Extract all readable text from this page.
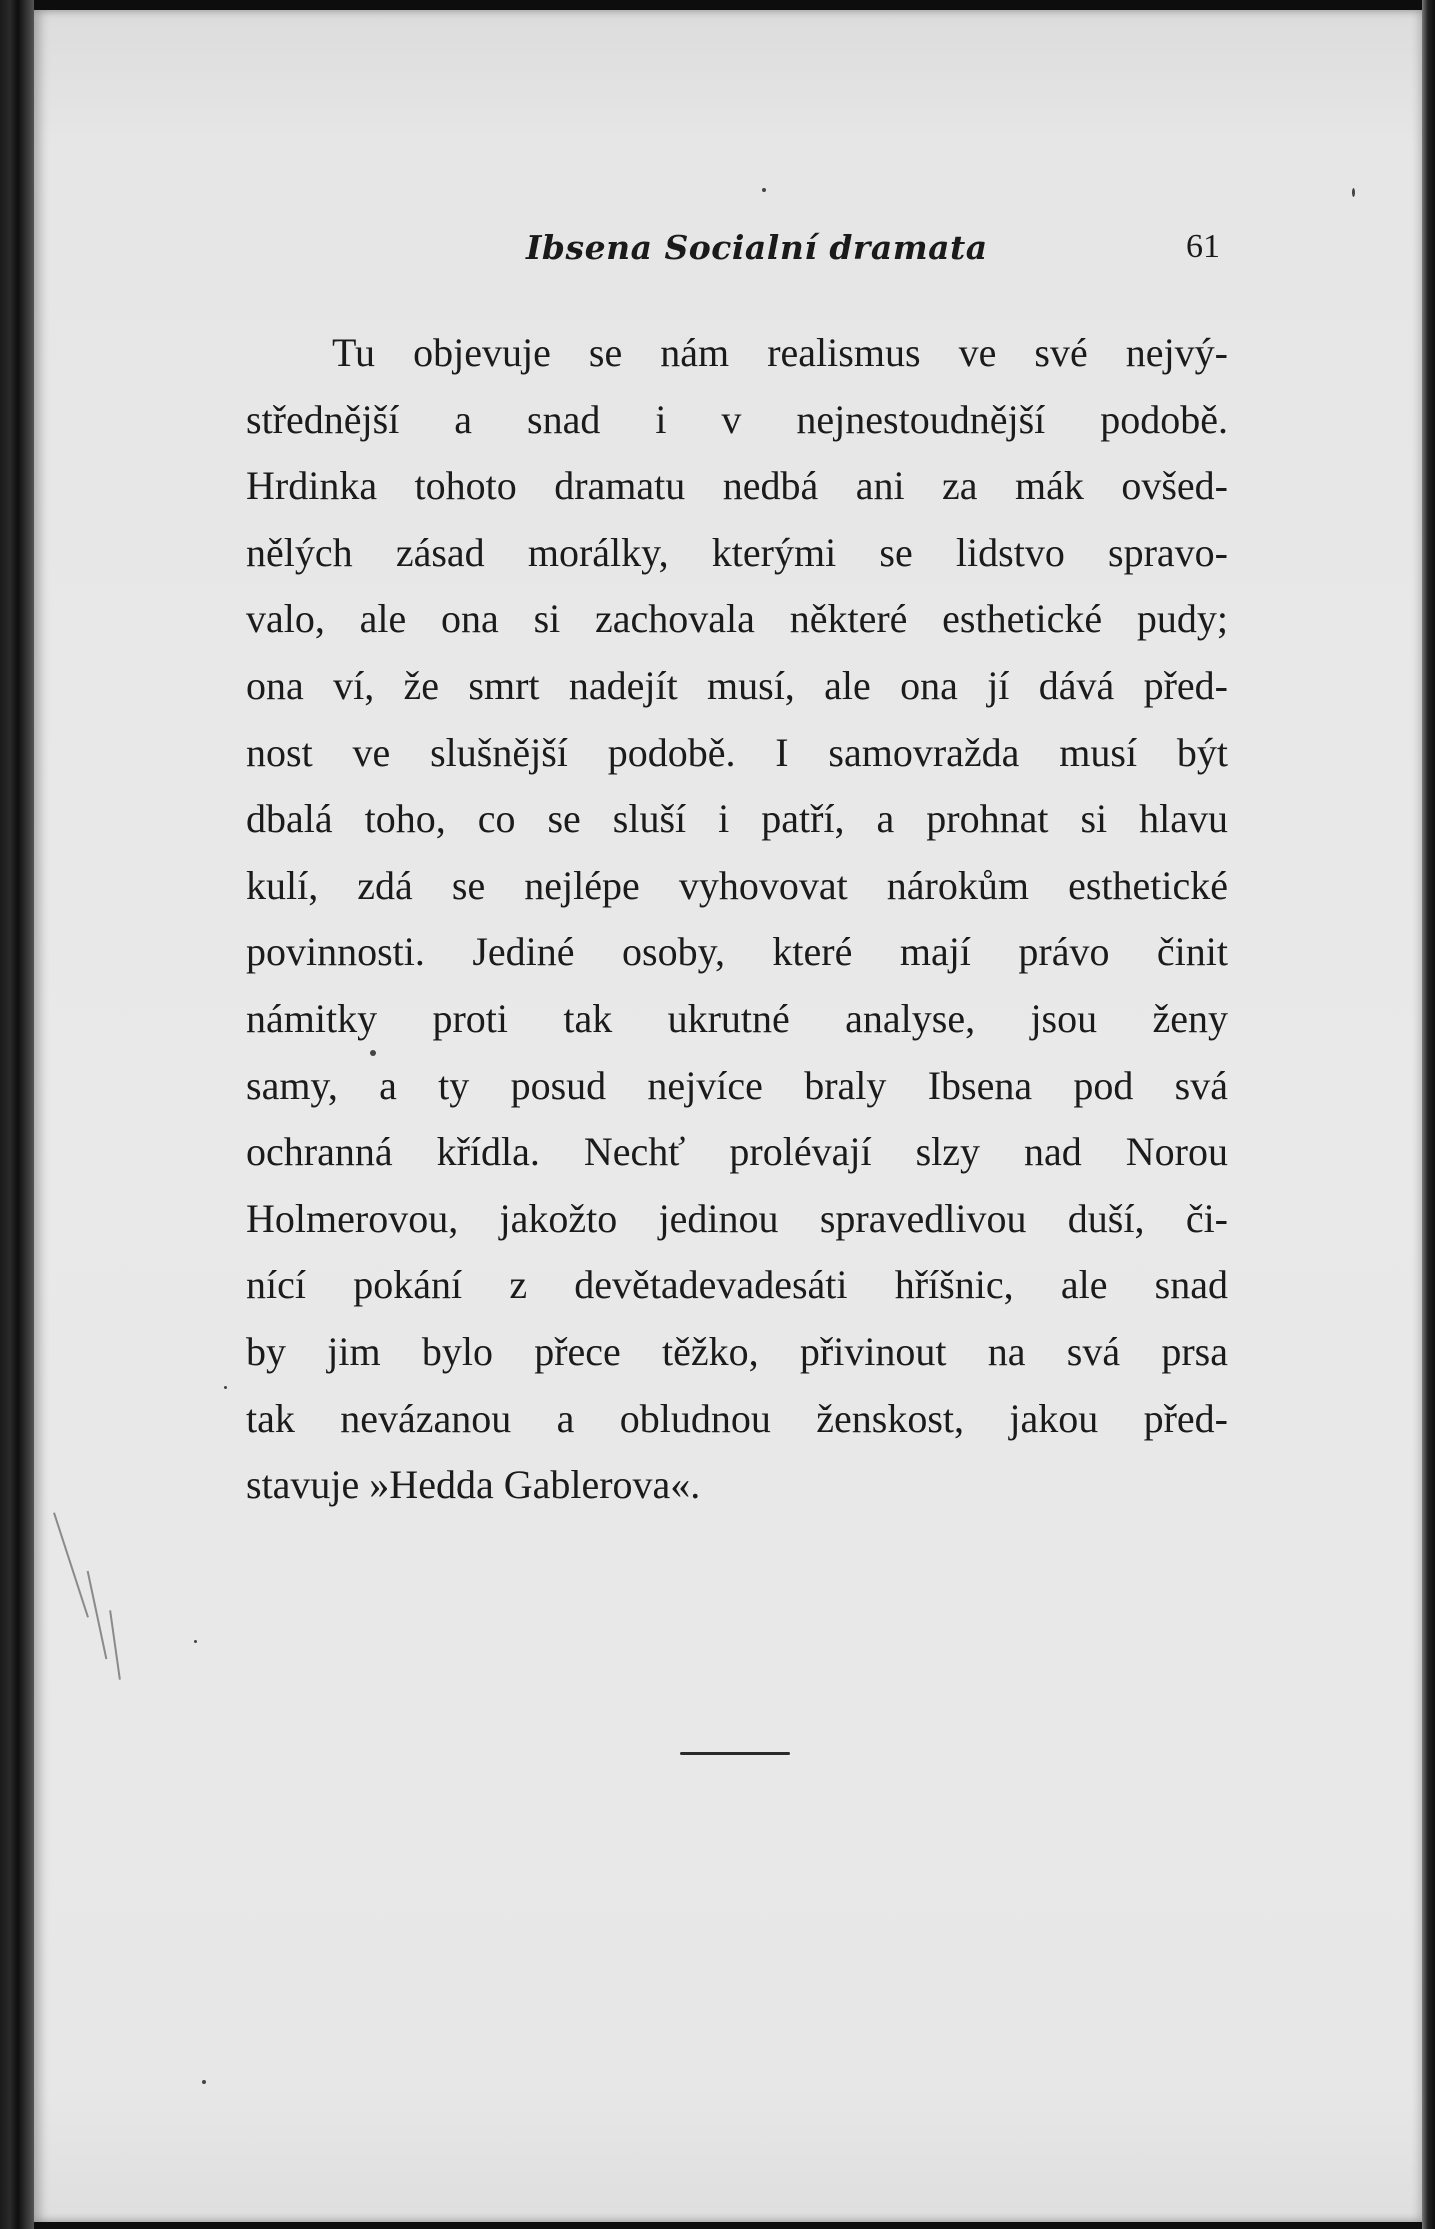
Ibsena Socialní dramata	61
Tu objevuje se nám realismus ve své nejvý-
střednější a snad i v nejnestoudnější podobě.
Hrdinka tohoto dramatu nedbá ani za mák ovšed-
nělých zásad morálky, kterými se lidstvo spravo-
valo, ale ona si zachovala některé esthetické pudy;
ona ví, že smrt nadejít musí, ale ona jí dává před-
nost ve slušnější podobě. I samovražda musí být
dbalá toho, co se sluší i patří, a prohnat si hlavu
kulí, zdá se nejlépe vyhovovat nárokům esthetické
povinnosti. Jediné osoby, které mají právo činit
námitky proti tak ukrutné analyse, jsou ženy
samy, a ty posud nejvíce braly Ibsena pod svá
ochranná křídla. Nechť prolévají slzy nad Norou
Holmerovou, jakožto jedinou spravedlivou duší, či-
nící pokání z devětadevadesáti hříšnic, ale snad
by jim bylo přece těžko, přivinout na svá prsa
tak nevázanou a obludnou ženskost, jakou před-
stavuje »Hedda Gablerova«.
